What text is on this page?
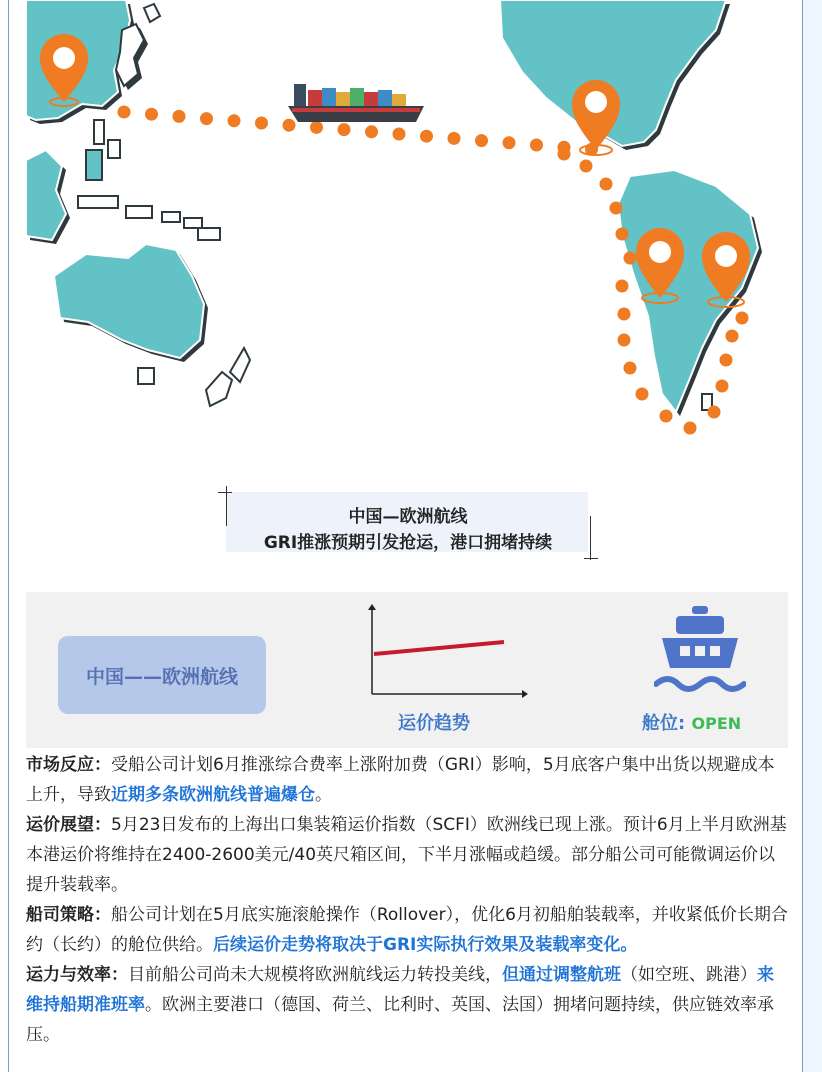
中国—欧洲航线
GRI推涨预期引发抢运，港口拥堵持续
中国——欧洲航线
运价趋势	舱位: OPEN

市场反应：受船公司计划6月推涨综合费率上涨附加费（GRI）影响，5月底客户集中出货以规避成本上升，导致近期多条欧洲航线普遍爆仓。

运价展望：5月23日发布的上海出口集装箱运价指数（SCFI）欧洲线已现上涨。预计6月上半月欧洲基本港运价将维持在2400-2600美元/40英尺箱区间，下半月涨幅或趋缓。部分船公司可能微调运价以提升装载率。

船司策略：船公司计划在5月底实施滚舱操作（Rollover），优化6月初船舶装载率，并收紧低价长期合约（长约）的舱位供给。后续运价走势将取决于GRI实际执行效果及装载率变化。

运力与效率：目前船公司尚未大规模将欧洲航线运力转投美线，但通过调整航班（如空班、跳港）来维持船期准班率。欧洲主要港口（德国、荷兰、比利时、英国、法国）拥堵问题持续，供应链效率承压。
